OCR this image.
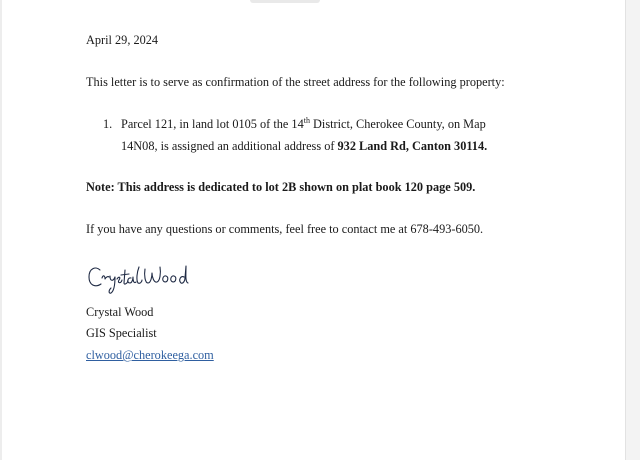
April 29, 2024
This letter is to serve as confirmation of the street address for the following property:
1. Parcel 121, in land lot 0105 of the 14th District, Cherokee County, on Map
14N08, is assigned an additional address of 932 Land Rd, Canton 30114.
Note: This address is dedicated to lot 2B shown on plat book 120 page 509.
If you have any questions or comments, feel free to contact me at 678-493-6050.
Crystal Wood
GIS Specialist
clwood@cherokeega.com
